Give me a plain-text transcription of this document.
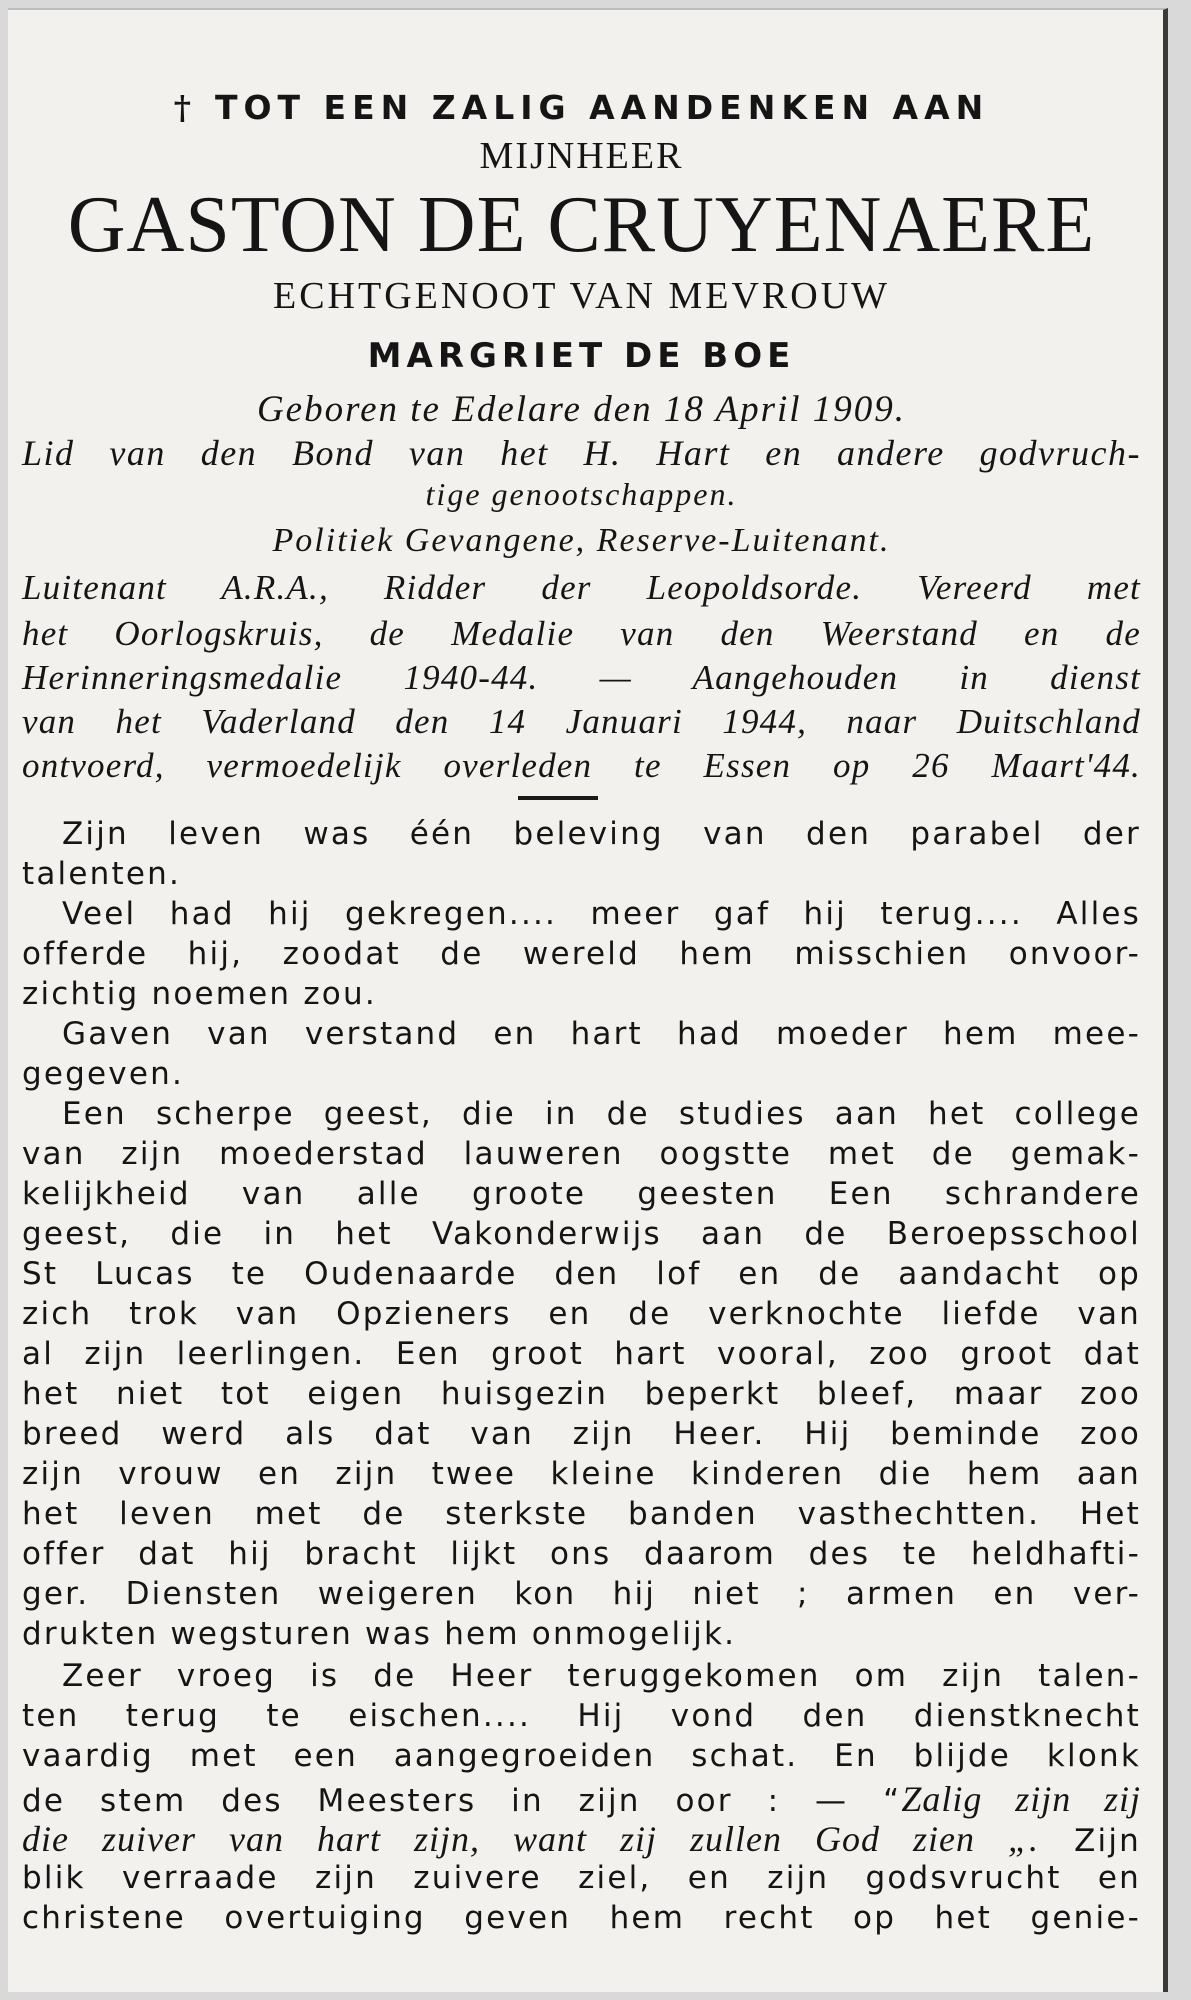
† TOT EEN ZALIG AANDENKEN AAN
MIJNHEER
GASTON DE CRUYENAERE
ECHTGENOOT VAN MEVROUW
MARGRIET DE BOE
Geboren te Edelare den 18 April 1909.
Lid van den Bond van het H. Hart en andere godvruch-
tige genootschappen.
Politiek Gevangene, Reserve-Luitenant.
Luitenant A.R.A., Ridder der Leopoldsorde. Vereerd met
het Oorlogskruis, de Medalie van den Weerstand en de
Herinneringsmedalie 1940-44. — Aangehouden in dienst
van het Vaderland den 14 Januari 1944, naar Duitschland
ontvoerd, vermoedelijk overleden te Essen op 26 Maart'44.
Zijn leven was één beleving van den parabel der
talenten.
Veel had hij gekregen.... meer gaf hij terug.... Alles
offerde hij, zoodat de wereld hem misschien onvoor-
zichtig noemen zou.
Gaven van verstand en hart had moeder hem mee-
gegeven.
Een scherpe geest, die in de studies aan het college
van zijn moederstad lauweren oogstte met de gemak-
kelijkheid van alle groote geesten Een schrandere
geest, die in het Vakonderwijs aan de Beroepsschool
St Lucas te Oudenaarde den lof en de aandacht op
zich trok van Opzieners en de verknochte liefde van
al zijn leerlingen. Een groot hart vooral, zoo groot dat
het niet tot eigen huisgezin beperkt bleef, maar zoo
breed werd als dat van zijn Heer. Hij beminde zoo
zijn vrouw en zijn twee kleine kinderen die hem aan
het leven met de sterkste banden vasthechtten. Het
offer dat hij bracht lijkt ons daarom des te heldhafti-
ger. Diensten weigeren kon hij niet ; armen en ver-
drukten wegsturen was hem onmogelijk.
Zeer vroeg is de Heer teruggekomen om zijn talen-
ten terug te eischen.... Hij vond den dienstknecht
vaardig met een aangegroeiden schat. En blijde klonk
de stem des Meesters in zijn oor : — “Zalig zijn zij
die zuiver van hart zijn, want zij zullen God zien „. Zijn
blik verraade zijn zuivere ziel, en zijn godsvrucht en
christene overtuiging geven hem recht op het genie-
